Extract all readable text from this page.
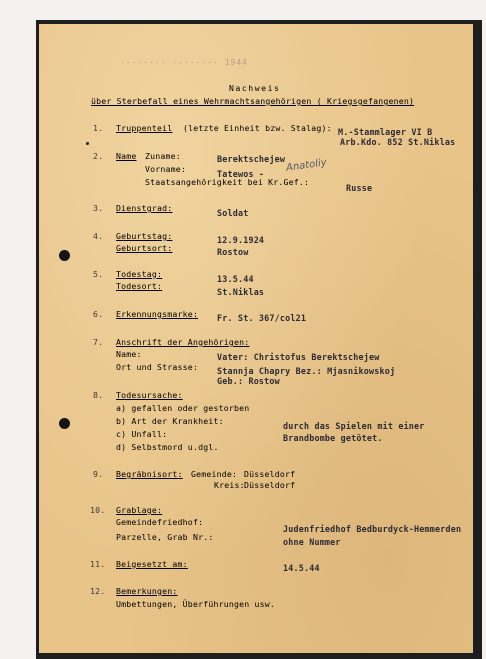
········ ········ 1944
Nachweis
über Sterbefall eines Wehrmachtsangehörigen ( Kriegsgefangenen)
1. Truppenteil (letzte Einheit bzw. Stalag): M.-Stammlager VI B
Arb.Kdo. 852 St.Niklas
2. Name Zuname:
Vorname:
Staatsangehörigkeit bei Kr.Gef.:
Berektschejew
Tatewos -
Anatoliy
Russe
3. Dienstgrad:	Soldat
4. Geburtstag:
Geburtsort:
12.9.1924
Rostow
5. Todestag:
Todesort:
13.5.44
St.Niklas
6. Erkennungsmarke: Fr. St. 367/col21
7. Anschrift der Angehörigen:
Name:
Ort und Strasse:
Vater: Christofus Berektschejew
Stannja Chapry Bez.: Mjasnikowskoj
Geb.: Rostow
8. Todesursache:
a) gefallen oder gestorben
b) Art der Krankheit:
c) Unfall:
d) Selbstmord u.dgl.
durch das Spielen mit einer
Brandbombe getötet.
9. Begräbnisort: Gemeinde:
Kreis:
Düsseldorf
Düsseldorf
10. Grablage:
Gemeindefriedhof:
Parzelle, Grab Nr.:
Judenfriedhof Bedburdyck-Hemmerden
ohne Nummer
11. Beigesetzt am:	14.5.44
12. Bemerkungen:
Umbettungen, Überführungen usw.
